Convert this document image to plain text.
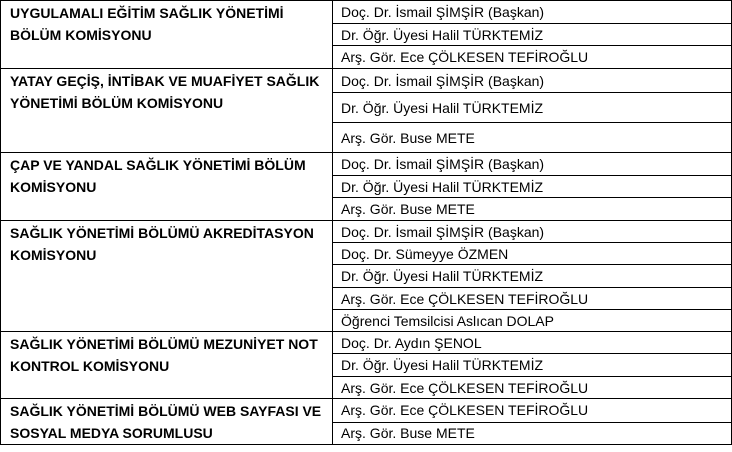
UYGULAMALI EĞİTİM SAĞLIK YÖNETİMİ BÖLÜM KOMİSYONU	Doç. Dr. İsmail ŞİMŞİR (Başkan)
	Dr. Öğr. Üyesi Halil TÜRKTEMİZ
	Arş. Gör. Ece ÇÖLKESEN TEFİROĞLU
YATAY GEÇİŞ, İNTİBAK VE MUAFİYET SAĞLIK YÖNETİMİ BÖLÜM KOMİSYONU	Doç. Dr. İsmail ŞİMŞİR (Başkan)
	Dr. Öğr. Üyesi Halil TÜRKTEMİZ
	Arş. Gör. Buse METE
ÇAP VE YANDAL SAĞLIK YÖNETİMİ BÖLÜM KOMİSYONU	Doç. Dr. İsmail ŞİMŞİR (Başkan)
	Dr. Öğr. Üyesi Halil TÜRKTEMİZ
	Arş. Gör. Buse METE
SAĞLIK YÖNETİMİ BÖLÜMÜ AKREDİTASYON KOMİSYONU	Doç. Dr. İsmail ŞİMŞİR (Başkan)
	Doç. Dr. Sümeyye ÖZMEN
	Dr. Öğr. Üyesi Halil TÜRKTEMİZ
	Arş. Gör. Ece ÇÖLKESEN TEFİROĞLU
	Öğrenci Temsilcisi Aslıcan DOLAP
SAĞLIK YÖNETİMİ BÖLÜMÜ MEZUNİYET NOT KONTROL KOMİSYONU	Doç. Dr. Aydın ŞENOL
	Dr. Öğr. Üyesi Halil TÜRKTEMİZ
	Arş. Gör. Ece ÇÖLKESEN TEFİROĞLU
SAĞLIK YÖNETİMİ BÖLÜMÜ WEB SAYFASI VE SOSYAL MEDYA SORUMLUSU	Arş. Gör. Ece ÇÖLKESEN TEFİROĞLU
	Arş. Gör. Buse METE
